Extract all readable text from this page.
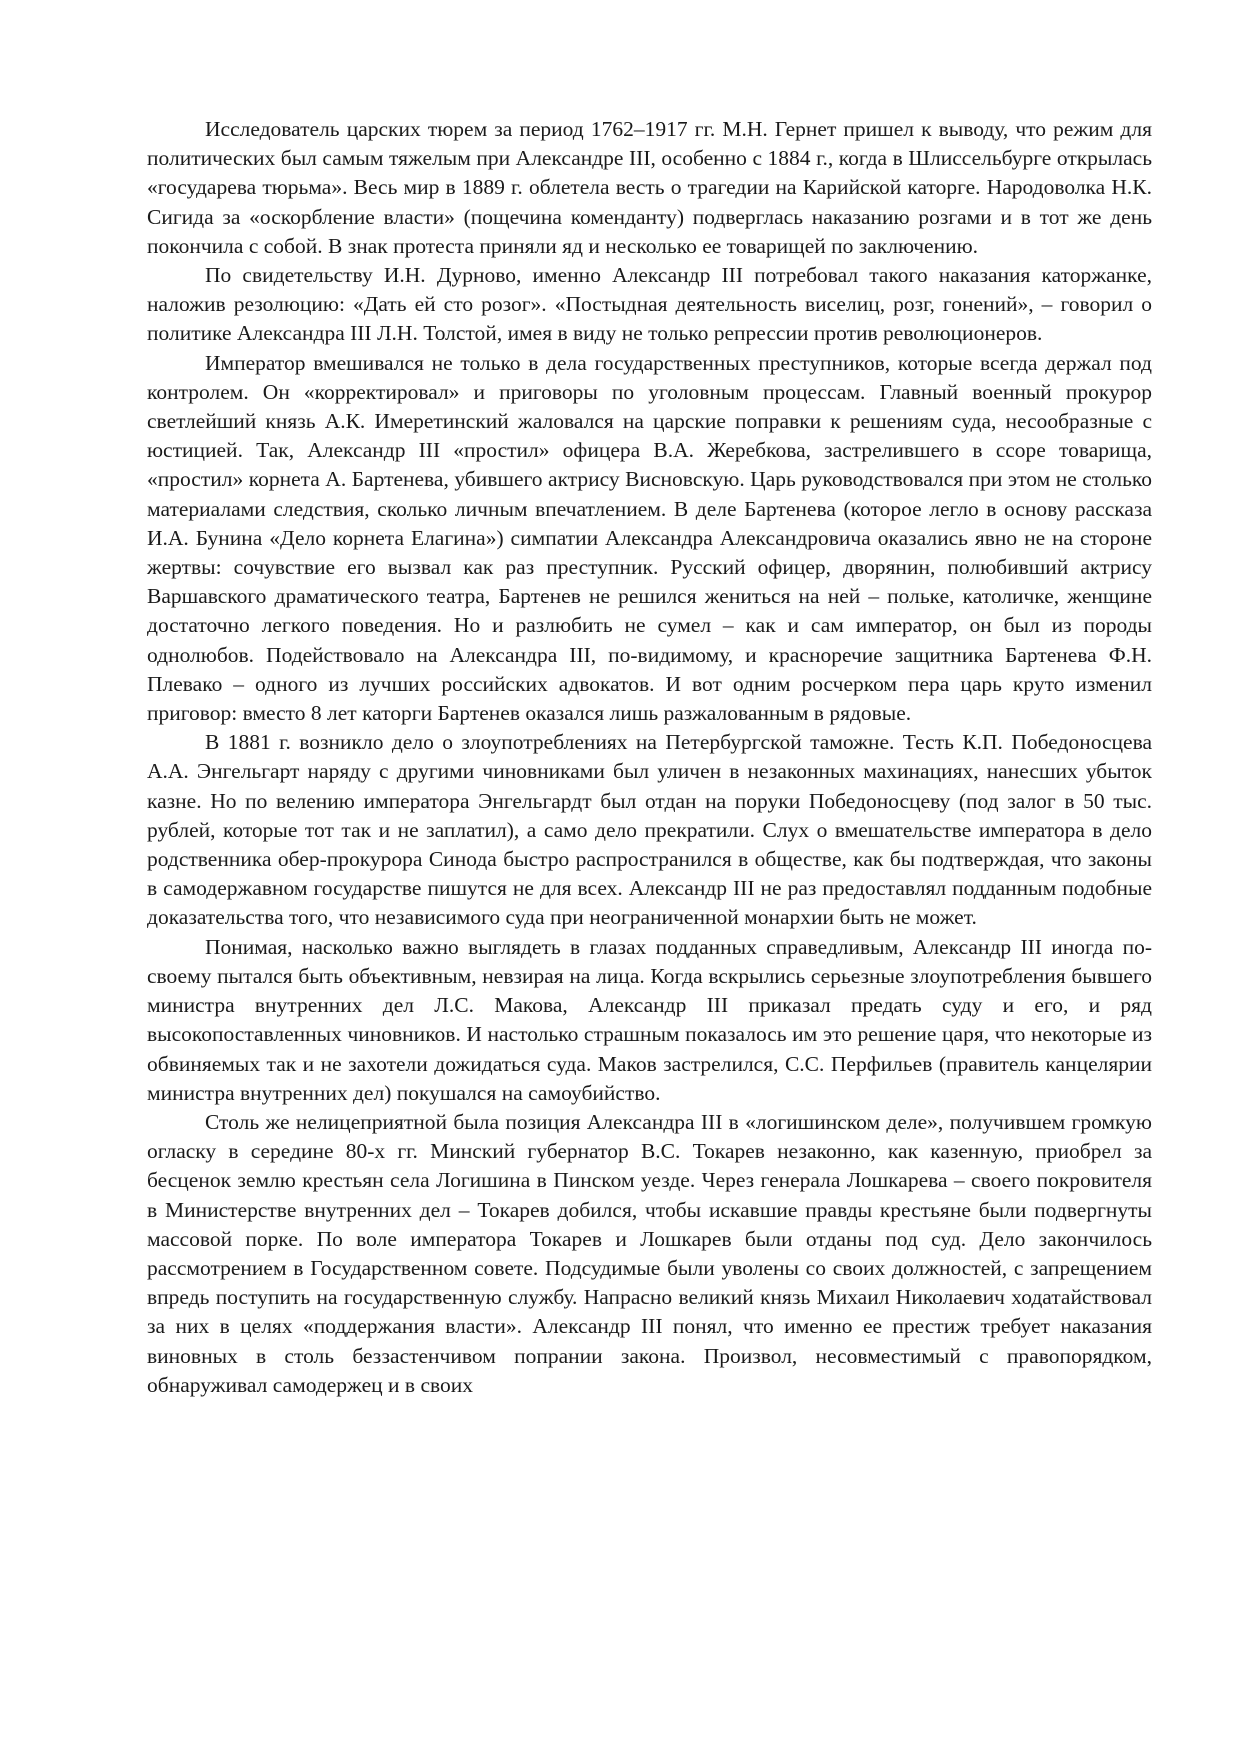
Исследователь царских тюрем за период 1762–1917 гг. М.Н. Гернет пришел к выводу, что режим для политических был самым тяжелым при Александре III, особенно с 1884 г., когда в Шлиссельбурге открылась «государева тюрьма». Весь мир в 1889 г. облетела весть о трагедии на Карийской каторге. Народоволка Н.К. Сигида за «оскорбление власти» (пощечина коменданту) подверглась наказанию розгами и в тот же день покончила с собой. В знак протеста приняли яд и несколько ее товарищей по заключению.

По свидетельству И.Н. Дурново, именно Александр III потребовал такого наказания каторжанке, наложив резолюцию: «Дать ей сто розог». «Постыдная деятельность виселиц, розг, гонений», – говорил о политике Александра III Л.Н. Толстой, имея в виду не только репрессии против революционеров.

Император вмешивался не только в дела государственных преступников, которые всегда держал под контролем. Он «корректировал» и приговоры по уголовным процессам. Главный военный прокурор светлейший князь А.К. Имеретинский жаловался на царские поправки к решениям суда, несообразные с юстицией. Так, Александр III «простил» офицера В.А. Жеребкова, застрелившего в ссоре товарища, «простил» корнета А. Бартенева, убившего актрису Висновскую. Царь руководствовался при этом не столько материалами следствия, сколько личным впечатлением. В деле Бартенева (которое легло в основу рассказа И.А. Бунина «Дело корнета Елагина») симпатии Александра Александровича оказались явно не на стороне жертвы: сочувствие его вызвал как раз преступник. Русский офицер, дворянин, полюбивший актрису Варшавского драматического театра, Бартенев не решился жениться на ней – польке, католичке, женщине достаточно легкого поведения. Но и разлюбить не сумел – как и сам император, он был из породы однолюбов. Подействовало на Александра III, по-видимому, и красноречие защитника Бартенева Ф.Н. Плевако – одного из лучших российских адвокатов. И вот одним росчерком пера царь круто изменил приговор: вместо 8 лет каторги Бартенев оказался лишь разжалованным в рядовые.

В 1881 г. возникло дело о злоупотреблениях на Петербургской таможне. Тесть К.П. Победоносцева А.А. Энгельгарт наряду с другими чиновниками был уличен в незаконных махинациях, нанесших убыток казне. Но по велению императора Энгельгардт был отдан на поруки Победоносцеву (под залог в 50 тыс. рублей, которые тот так и не заплатил), а само дело прекратили. Слух о вмешательстве императора в дело родственника обер-прокурора Синода быстро распространился в обществе, как бы подтверждая, что законы в самодержавном государстве пишутся не для всех. Александр III не раз предоставлял подданным подобные доказательства того, что независимого суда при неограниченной монархии быть не может.

Понимая, насколько важно выглядеть в глазах подданных справедливым, Александр III иногда по-своему пытался быть объективным, невзирая на лица. Когда вскрылись серьезные злоупотребления бывшего министра внутренних дел Л.С. Макова, Александр III приказал предать суду и его, и ряд высокопоставленных чиновников. И настолько страшным показалось им это решение царя, что некоторые из обвиняемых так и не захотели дожидаться суда. Маков застрелился, С.С. Перфильев (правитель канцелярии министра внутренних дел) покушался на самоубийство.

Столь же нелицеприятной была позиция Александра III в «логишинском деле», получившем громкую огласку в середине 80-х гг. Минский губернатор В.С. Токарев незаконно, как казенную, приобрел за бесценок землю крестьян села Логишина в Пинском уезде. Через генерала Лошкарева – своего покровителя в Министерстве внутренних дел – Токарев добился, чтобы искавшие правды крестьяне были подвергнуты массовой порке. По воле императора Токарев и Лошкарев были отданы под суд. Дело закончилось рассмотрением в Государственном совете. Подсудимые были уволены со своих должностей, с запрещением впредь поступить на государственную службу. Напрасно великий князь Михаил Николаевич ходатайствовал за них в целях «поддержания власти». Александр III понял, что именно ее престиж требует наказания виновных в столь беззастенчивом попрании закона. Произвол, несовместимый с правопорядком, обнаруживал самодержец и в своих
